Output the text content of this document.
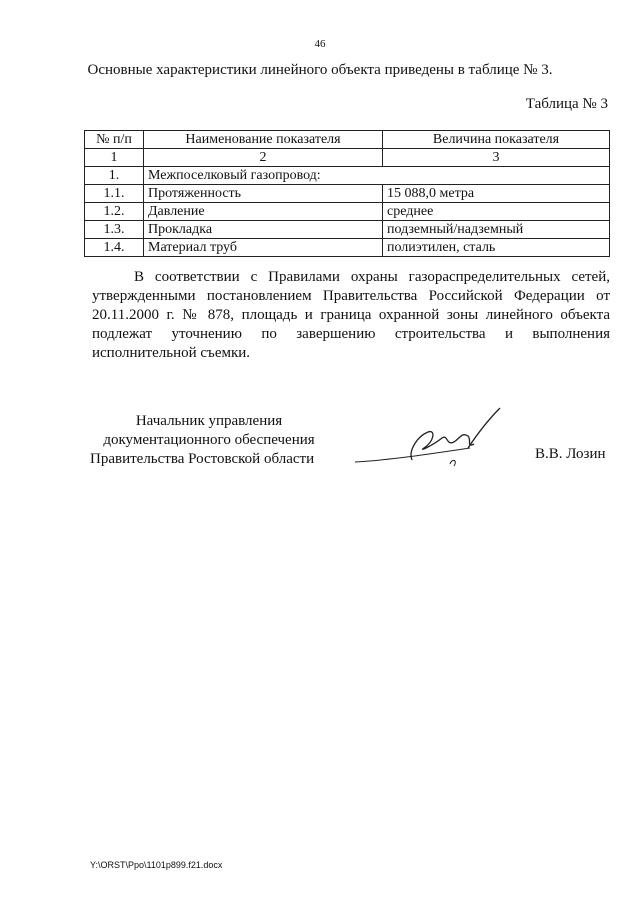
46
Основные характеристики линейного объекта приведены в таблице № 3.
Таблица № 3
№ п/п	Наименование показателя	Величина показателя
1	2	3
1.	Межпоселковый газопровод:	
1.1.	Протяженность	15 088,0 метра
1.2.	Давление	среднее
1.3.	Прокладка	подземный/надземный
1.4.	Материал труб	полиэтилен, сталь
В соответствии с Правилами охраны газораспределительных сетей, утвержденными постановлением Правительства Российской Федерации от 20.11.2000 г. № 878, площадь и граница охранной зоны линейного объекта подлежат уточнению по завершению строительства и выполнения исполнительной съемки.
Начальник управления
документационного обеспечения
Правительства Ростовской области	В.В. Лозин
Y:\ORST\Ppo\1101p899.f21.docx
